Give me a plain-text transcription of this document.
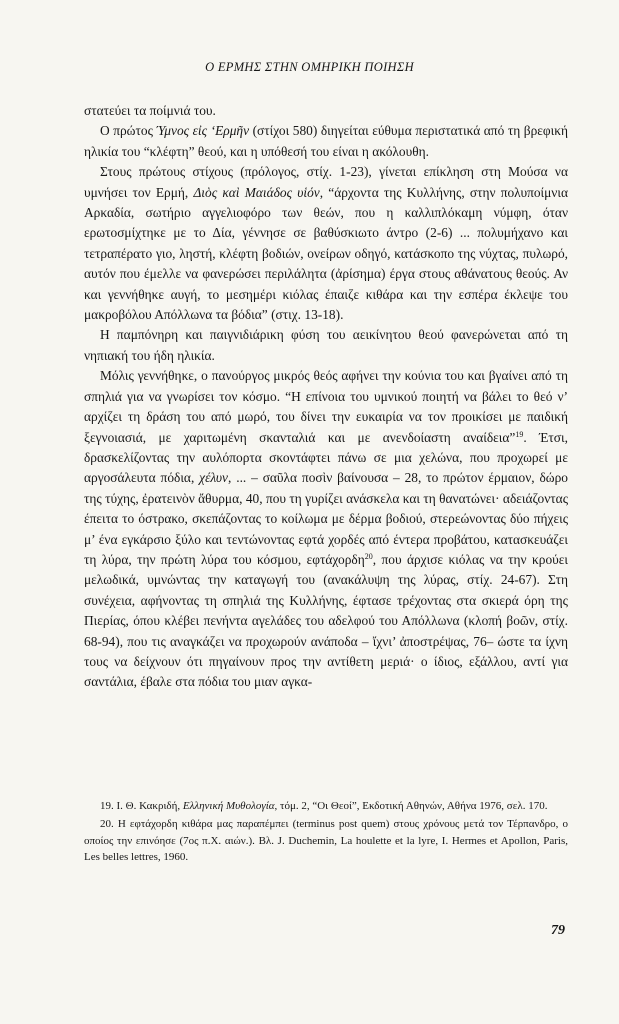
Ο ΕΡΜΗΣ ΣΤΗΝ ΟΜΗΡΙΚΗ ΠΟΙΗΣΗ

στατεύει τα ποίμνιά του.

Ο πρώτος Ύμνος εἰς ‘Ερμῆν (στίχοι 580) διηγείται εύθυμα περιστατικά από τη βρεφική ηλικία του “κλέφτη” θεού, και η υπόθεσή του είναι η ακόλουθη.

Στους πρώτους στίχους (πρόλογος, στίχ. 1-23), γίνεται επίκληση στη Μούσα να υμνήσει τον Ερμή, Διὸς καὶ Μαιάδος υἱόν, “άρχοντα της Κυλλήνης, στην πολυποίμνια Αρκαδία, σωτήριο αγγελιοφόρο των θεών, που η καλλιπλόκαμη νύμφη, όταν ερωτοσμίχτηκε με το Δία, γέννησε σε βαθύσκιωτο άντρο (2-6) ... πολυμήχανο και τετραπέρατο γιο, ληστή, κλέφτη βοδιών, ονείρων οδηγό, κατάσκοπο της νύχτας, πυλωρό, αυτόν που έμελλε να φανερώσει περιλάλητα (ἀρίσημα) έργα στους αθάνατους θεούς. Αν και γεννήθηκε αυγή, το μεσημέρι κιόλας έπαιζε κιθάρα και την εσπέρα έκλεψε του μακροβόλου Απόλλωνα τα βόδια” (στιχ. 13-18).

Η παμπόνηρη και παιγνιδιάρικη φύση του αεικίνητου θεού φανερώνεται από τη νηπιακή του ήδη ηλικία.

Μόλις γεννήθηκε, ο πανούργος μικρός θεός αφήνει την κούνια του και βγαίνει από τη σπηλιά για να γνωρίσει τον κόσμο. “Η επίνοια του υμνικού ποιητή να βάλει το θεό ν’ αρχίζει τη δράση του από μωρό, του δίνει την ευκαιρία να τον προικίσει με παιδική ξεγνοιασιά, με χαριτωμένη σκανταλιά και με ανενδοίαστη αναίδεια”$^{19}$. Έτσι, δρασκελίζοντας την αυλόπορτα σκοντάφτει πάνω σε μια χελώνα, που προχωρεί με αργοσάλευτα πόδια, χέλυν, ... – σαῦλα ποσὶν βαίνουσα – 28, το πρώτον έρμαιον, δώρο της τύχης, ἐρατεινὸν ἄθυρμα, 40, που τη γυρίζει ανάσκελα και τη θανατώνει· αδειάζοντας έπειτα το όστρακο, σκεπάζοντας το κοίλωμα με δέρμα βοδιού, στερεώνοντας δύο πήχεις μ’ ένα εγκάρσιο ξύλο και τεντώνοντας εφτά χορδές από έντερα προβάτου, κατασκευάζει τη λύρα, την πρώτη λύρα του κόσμου, εφτάχορδη$^{20}$, που άρχισε κιόλας να την κρούει μελωδικά, υμνώντας την καταγωγή του (ανακάλυψη της λύρας, στίχ. 24-67). Στη συνέχεια, αφήνοντας τη σπηλιά της Κυλλήνης, έφτασε τρέχοντας στα σκιερά όρη της Πιερίας, όπου κλέβει πενήντα αγελάδες του αδελφού του Απόλλωνα (κλοπή βοῶν, στίχ. 68-94), που τις αναγκάζει να προχωρούν ανάποδα – ἴχνι’ ἀποστρέψας, 76– ώστε τα ίχνη τους να δείχνουν ότι πηγαίνουν προς την αντίθετη μεριά· ο ίδιος, εξάλλου, αντί για σαντάλια, έβαλε στα πόδια του μιαν αγκα-

19. Ι. Θ. Κακριδή, Ελληνική Μυθολογία, τόμ. 2, “Οι Θεοί”, Εκδοτική Αθηνών, Αθήνα 1976, σελ. 170.

20. Η εφτάχορδη κιθάρα μας παραπέμπει (terminus post quem) στους χρόνους μετά τον Τέρπανδρο, ο οποίος την επινόησε (7ος π.Χ. αιών.). Βλ. J. Duchemin, La houlette et la lyre, I. Hermes et Apollon, Paris, Les belles lettres, 1960.

79
